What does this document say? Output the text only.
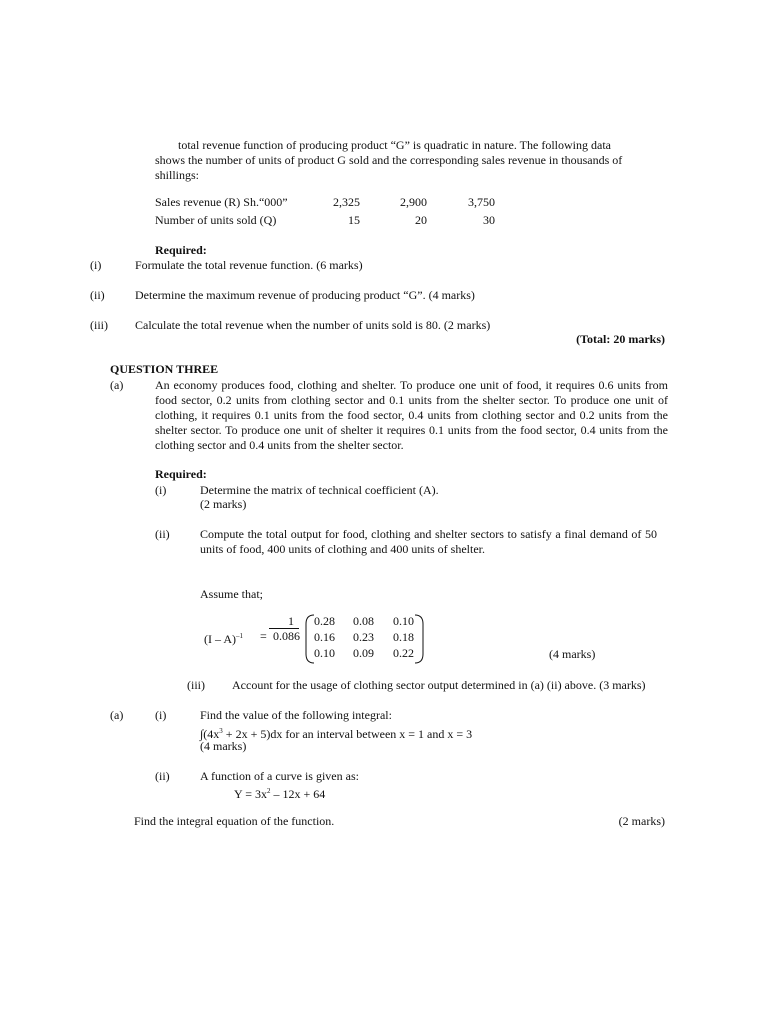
total revenue function of producing product “G” is quadratic in nature. The following data
shows the number of units of product G sold and the corresponding sales revenue in thousands of
shillings:
Sales revenue (R) Sh.“000”	2,325	2,900	3,750
Number of units sold (Q)	15	20	30
Required:
(i)	Formulate the total revenue function. (6 marks)
(ii)	Determine the maximum revenue of producing product “G”. (4 marks)
(iii) Calculate the total revenue when the number of units sold is 80. (2 marks)
(Total: 20 marks)
QUESTION THREE
(a)	An economy produces food, clothing and shelter. To produce one unit of food, it requires 0.6 units from food sector, 0.2 units from clothing sector and 0.1 units from the shelter sector. To produce one unit of clothing, it requires 0.1 units from the food sector, 0.4 units from clothing sector and 0.2 units from the shelter sector. To produce one unit of shelter it requires 0.1 units from the food sector, 0.4 units from the clothing sector and 0.4 units from the shelter sector.
Required:
(i)	Determine the matrix of technical coefficient (A).
(2 marks)
(ii)	Compute the total output for food, clothing and shelter sectors to satisfy a final demand of 50 units of food, 400 units of clothing and 400 units of shelter.
Assume that;
(I – A)$^{-1}$ =
1
0.086
0.28 0.08 0.10
0.16 0.23 0.18
0.10 0.09 0.22	(4 marks)
(iii) Account for the usage of clothing sector output determined in (a) (ii) above. (3 marks)
(a)	(i)	Find the value of the following integral:
$\int(4x^3 + 2x + 5)dx$ for an interval between x = 1 and x = 3
(4 marks)
(ii)	A function of a curve is given as:
$Y = 3x^2 - 12x + 64$
Find the integral equation of the function.	(2 marks)
